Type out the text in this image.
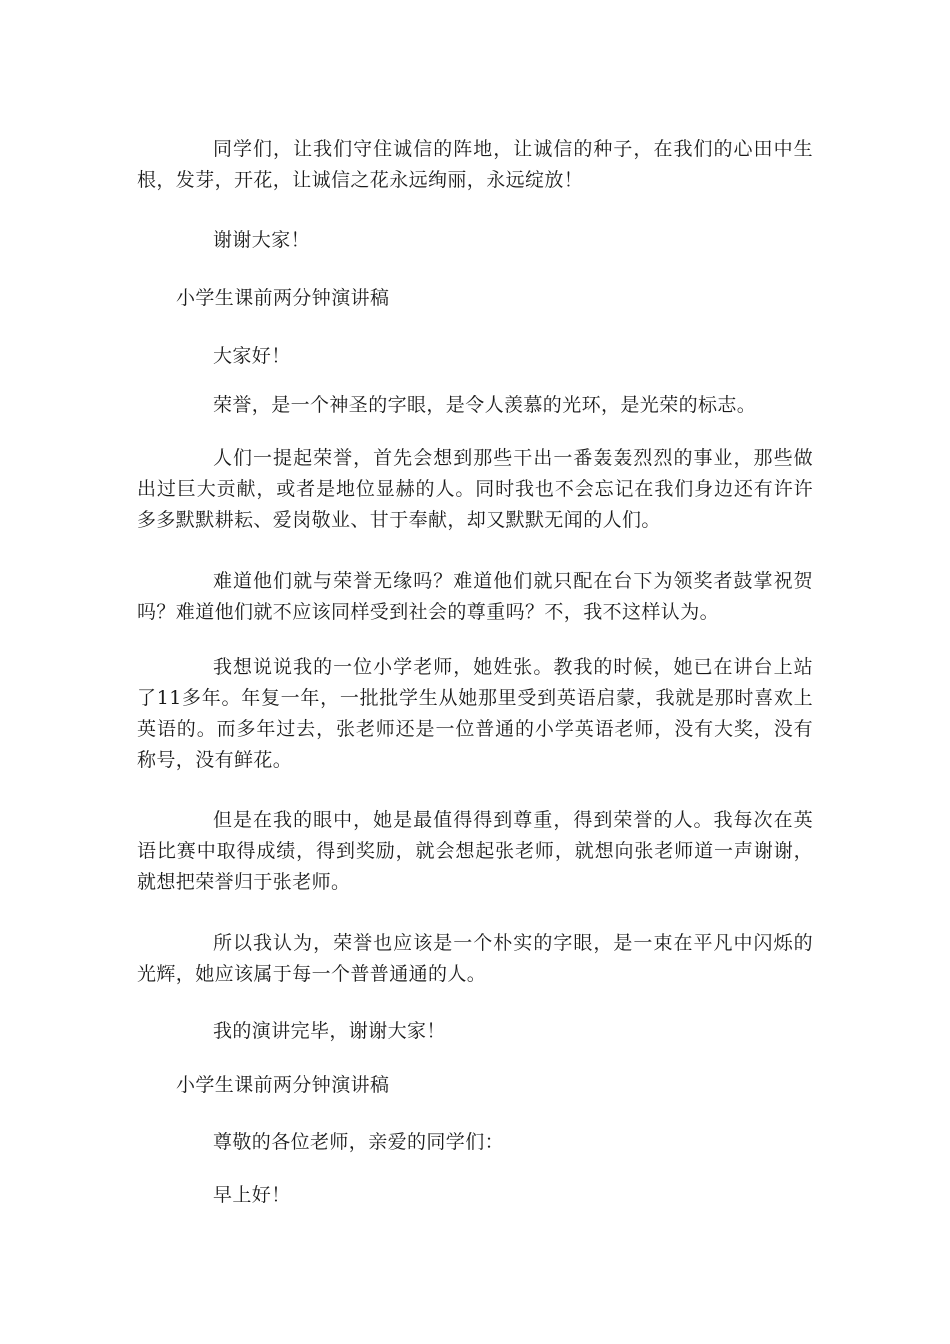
同学们，让我们守住诚信的阵地，让诚信的种子，在我们的心田中生根，发芽，开花，让诚信之花永远绚丽，永远绽放！

谢谢大家！

小学生课前两分钟演讲稿

大家好！

荣誉，是一个神圣的字眼，是令人羡慕的光环，是光荣的标志。

人们一提起荣誉，首先会想到那些干出一番轰轰烈烈的事业，那些做出过巨大贡献，或者是地位显赫的人。同时我也不会忘记在我们身边还有许许多多默默耕耘、爱岗敬业、甘于奉献，却又默默无闻的人们。

难道他们就与荣誉无缘吗？难道他们就只配在台下为领奖者鼓掌祝贺吗？难道他们就不应该同样受到社会的尊重吗？不，我不这样认为。

我想说说我的一位小学老师，她姓张。教我的时候，她已在讲台上站了11多年。年复一年，一批批学生从她那里受到英语启蒙，我就是那时喜欢上英语的。而多年过去，张老师还是一位普通的小学英语老师，没有大奖，没有称号，没有鲜花。

但是在我的眼中，她是最值得得到尊重，得到荣誉的人。我每次在英语比赛中取得成绩，得到奖励，就会想起张老师，就想向张老师道一声谢谢，就想把荣誉归于张老师。

所以我认为，荣誉也应该是一个朴实的字眼，是一束在平凡中闪烁的光辉，她应该属于每一个普普通通的人。

我的演讲完毕，谢谢大家！

小学生课前两分钟演讲稿

尊敬的各位老师，亲爱的同学们：

早上好！
